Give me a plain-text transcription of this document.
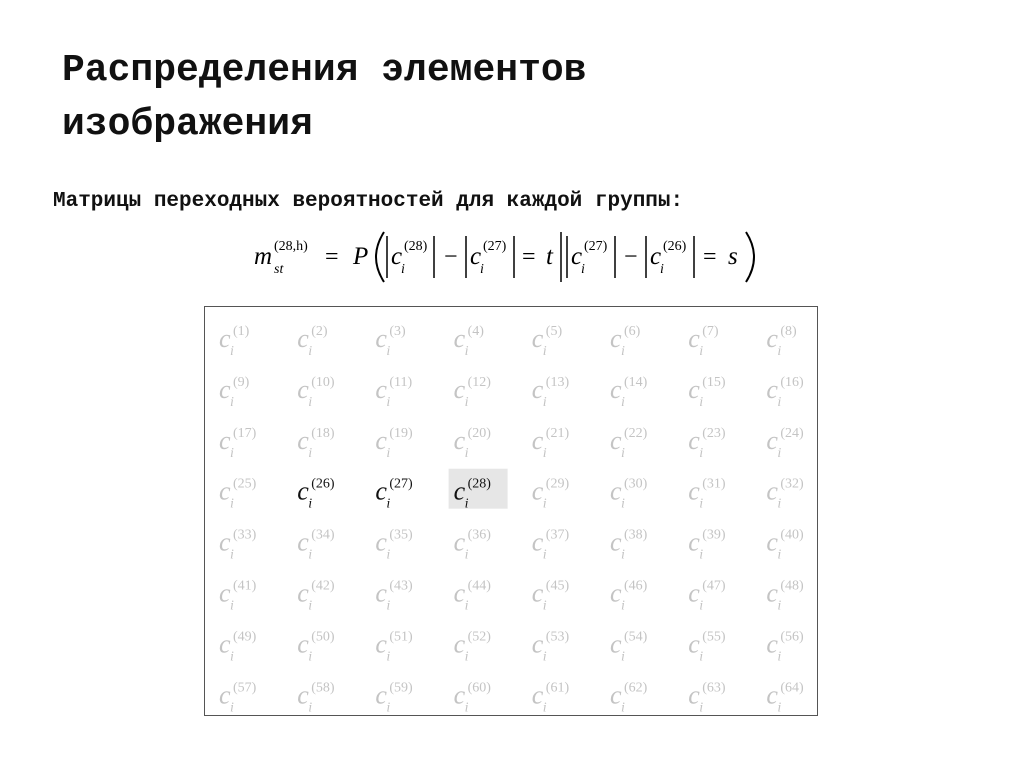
Распределения элементов
изображения

Матрицы переходных вероятностей для каждой группы:

m (28,h)
st = P c
i
(28) − c
i
(27) = t c
i
(27) − c
i
(26) = s
c i
(1) c i
(2) c i
(3) c i
(4) c i
(5) c i
(6) c i
(7) c i
(8)
c i
(9) c i
(10) c i
(11) c i
(12) c i
(13) c i
(14) c i
(15) c i
(16)
c i
(17) c i
(18) c i
(19) c i
(20) c i
(21) c i
(22) c i
(23) c i
(24)
c i
(25) c i
(26) c i
(27) c i
(28) c i
(29) c i
(30) c i
(31) c i
(32)
c i
(33) c i
(34) c i
(35) c i
(36) c i
(37) c i
(38) c i
(39) c i
(40)
c i
(41) c i
(42) c i
(43) c i
(44) c i
(45) c i
(46) c i
(47) c i
(48)
c i
(49) c i
(50) c i
(51) c i
(52) c i
(53) c i
(54) c i
(55) c i
(56)
c i
(57) c i
(58) c i
(59) c i
(60) c i
(61) c i
(62) c i
(63) c i
(64)
